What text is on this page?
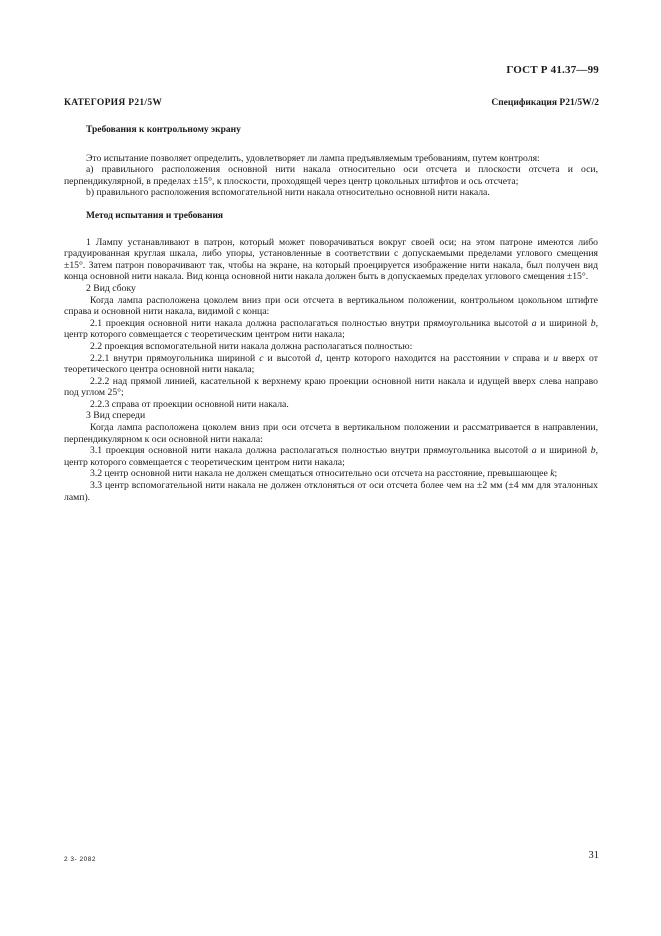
ГОСТ Р 41.37—99
КАТЕГОРИЯ P21/5W	Спецификация P21/5W/2
Требования к контрольному экрану

Это испытание позволяет определить, удовлетворяет ли лампа предъявляемым требованиям, путем контроля:

а) правильного расположения основной нити накала относительно оси отсчета и плоскости отсчета и оси, перпендикулярной, в пределах ±15°, к плоскости, проходящей через центр цокольных штифтов и ось отсчета;

b) правильного расположения вспомогательной нити накала относительно основной нити накала.

Метод испытания и требования

1 Лампу устанавливают в патрон, который может поворачиваться вокруг своей оси; на этом патроне имеются либо градуированная круглая шкала, либо упоры, установленные в соответствии с допускаемыми пределами углового смещения ±15°. Затем патрон поворачивают так, чтобы на экране, на который проецируется изображение нити накала, был получен вид конца основной нити накала. Вид конца основной нити накала должен быть в допускаемых пределах углового смещения ±15°.

2 Вид сбоку

Когда лампа расположена цоколем вниз при оси отсчета в вертикальном положении, контрольном цокольном штифте справа и основной нити накала, видимой с конца:

2.1 проекция основной нити накала должна располагаться полностью внутри прямоугольника высотой a и шириной b, центр которого совмещается с теоретическим центром нити накала;

2.2 проекция вспомогательной нити накала должна располагаться полностью:

2.2.1 внутри прямоугольника шириной c и высотой d, центр которого находится на расстоянии v справа и u вверх от теоретического центра основной нити накала;

2.2.2 над прямой линией, касательной к верхнему краю проекции основной нити накала и идущей вверх слева направо под углом 25°;

2.2.3 справа от проекции основной нити накала.

3 Вид спереди

Когда лампа расположена цоколем вниз при оси отсчета в вертикальном положении и рассматривается в направлении, перпендикулярном к оси основной нити накала:

3.1 проекция основной нити накала должна располагаться полностью внутри прямоугольника высотой a и шириной b, центр которого совмещается с теоретическим центром нити накала;

3.2 центр основной нити накала не должен смещаться относительно оси отсчета на расстояние, превышающее k;

3.3 центр вспомогательной нити накала не должен отклоняться от оси отсчета более чем на ±2 мм (±4 мм для эталонных ламп).

2 3- 2082	31
